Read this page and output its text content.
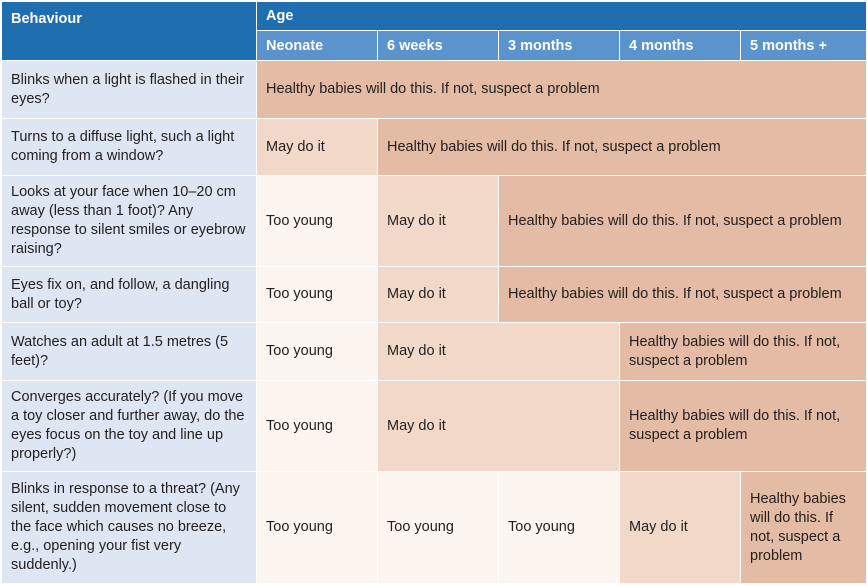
Behaviour	Age				
	Neonate	6 weeks	3 months	4 months	5 months +
Blinks when a light is flashed in their eyes?	Healthy babies will do this. If not, suspect a problem				
Turns to a diffuse light, such a light coming from a window?	May do it	Healthy babies will do this. If not, suspect a problem			
Looks at your face when 10–20 cm away (less than 1 foot)? Any response to silent smiles or eyebrow raising?	Too young	May do it	Healthy babies will do this. If not, suspect a problem		
Eyes fix on, and follow, a dangling ball or toy?	Too young	May do it	Healthy babies will do this. If not, suspect a problem		
Watches an adult at 1.5 metres (5 feet)?	Too young	May do it		Healthy babies will do this. If not, suspect a problem	
Converges accurately? (If you move a toy closer and further away, do the eyes focus on the toy and line up properly?)	Too young	May do it		Healthy babies will do this. If not, suspect a problem	
Blinks in response to a threat? (Any silent, sudden movement close to the face which causes no breeze, e.g., opening your fist very suddenly.)	Too young	Too young	Too young	May do it	Healthy babies will do this. If not, suspect a problem
